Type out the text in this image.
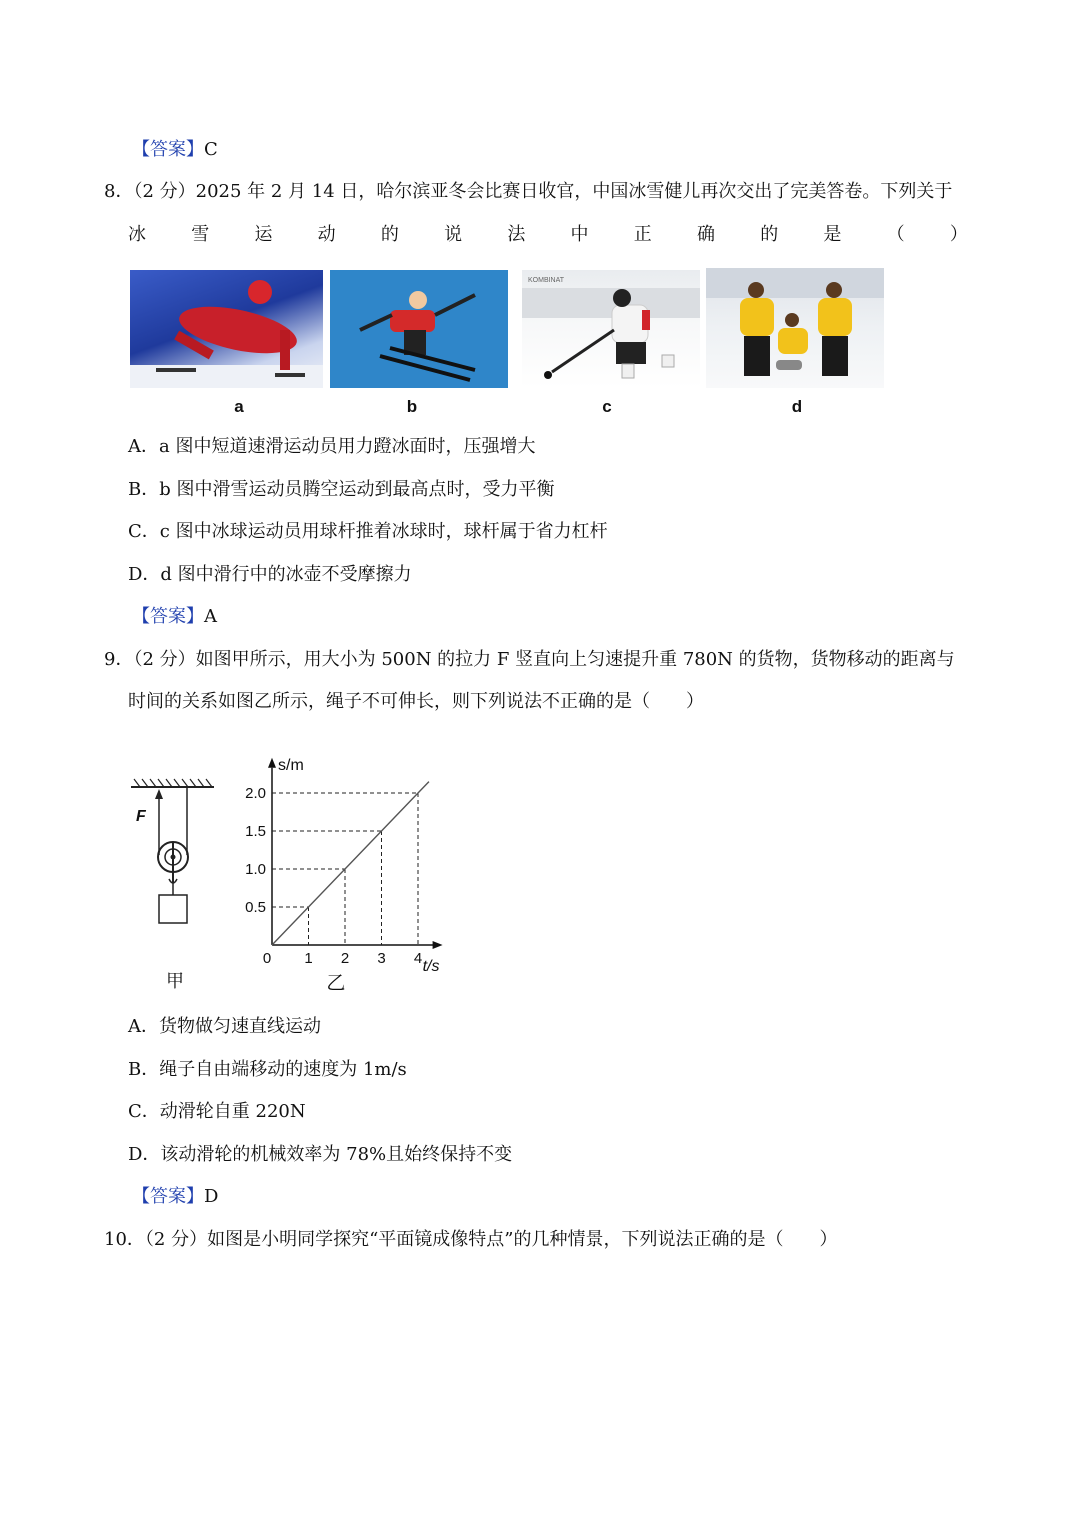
【答案】C
8．（2 分）2025 年 2 月 14 日，哈尔滨亚冬会比赛日收官，中国冰雪健儿再次交出了完美答卷。下列关于
冰	雪	运	动	的	说	法	中	正	确	的	是	（	）
KOMBINAT
a	b	c	d
A．a 图中短道速滑运动员用力蹬冰面时，压强增大
B．b 图中滑雪运动员腾空运动到最高点时，受力平衡
C．c 图中冰球运动员用球杆推着冰球时，球杆属于省力杠杆
D．d 图中滑行中的冰壶不受摩擦力
【答案】A
9．（2 分）如图甲所示，用大小为 500N 的拉力 F 竖直向上匀速提升重 780N 的货物，货物移动的距离与
时间的关系如图乙所示，绳子不可伸长，则下列说法不正确的是（　　）
F
甲
1 2 3 4
0.5
1.0
1.5
2.0
0
s/m
t/s
乙
A．货物做匀速直线运动
B．绳子自由端移动的速度为 1m/s
C．动滑轮自重 220N
D．该动滑轮的机械效率为 78%且始终保持不变
【答案】D
10．（2 分）如图是小明同学探究“平面镜成像特点”的几种情景，下列说法正确的是（　　）
